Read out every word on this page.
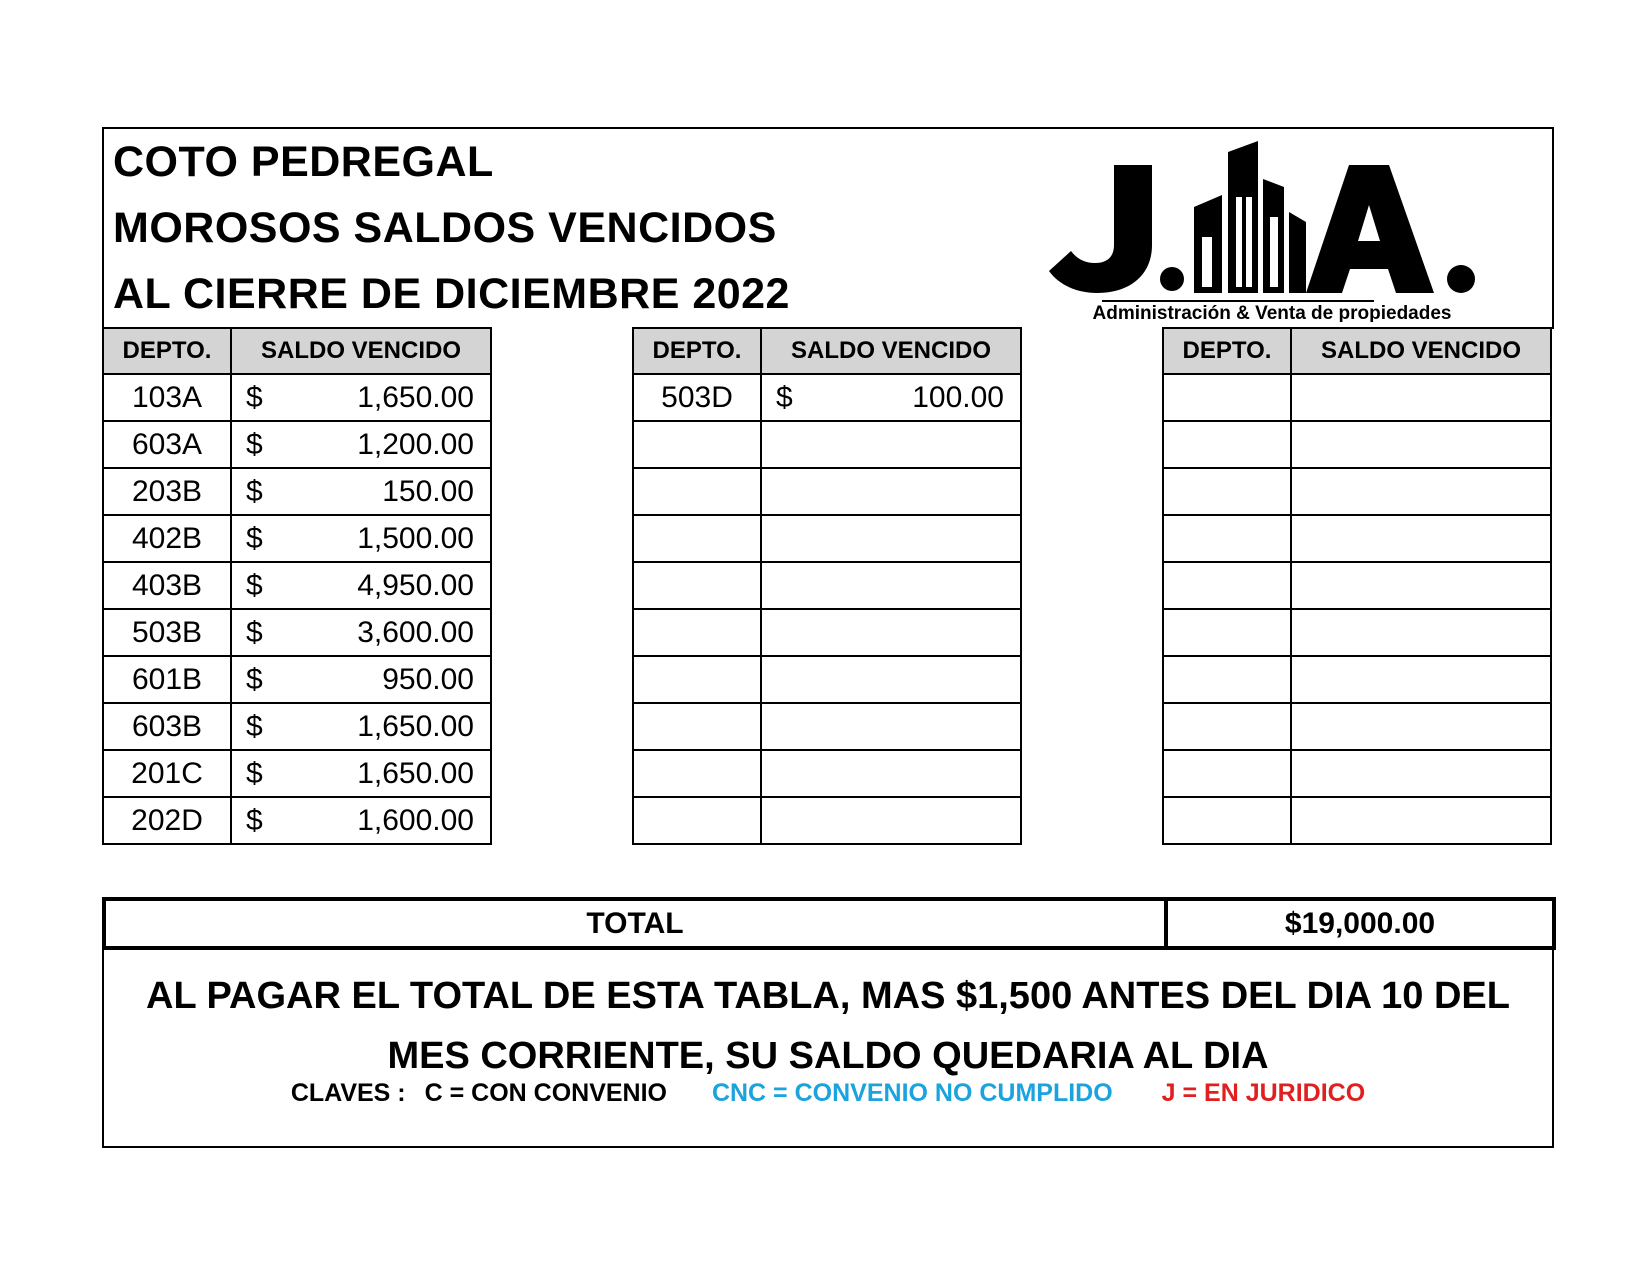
COTO PEDREGAL
MOROSOS SALDOS VENCIDOS
AL CIERRE DE DICIEMBRE 2022	Administración & Venta de propiedades
DEPTO.	SALDO VENCIDO
103A	$ 1,650.00

603A	$ 1,200.00

203B	$ 150.00

402B	$ 1,500.00

403B	$ 4,950.00

503B	$ 3,600.00

601B	$ 950.00

603B	$ 1,650.00

201C	$ 1,650.00

202D	$ 1,600.00
DEPTO.	SALDO VENCIDO
503D	$ 100.00

DEPTO.	SALDO VENCIDO

TOTAL	$19,000.00
AL PAGAR EL TOTAL DE ESTA TABLA, MAS $1,500 ANTES DEL DIA 10 DEL
MES CORRIENTE, SU SALDO QUEDARIA AL DIA
CLAVES : C = CON CONVENIO CNC = CONVENIO NO CUMPLIDO J = EN JURIDICO
